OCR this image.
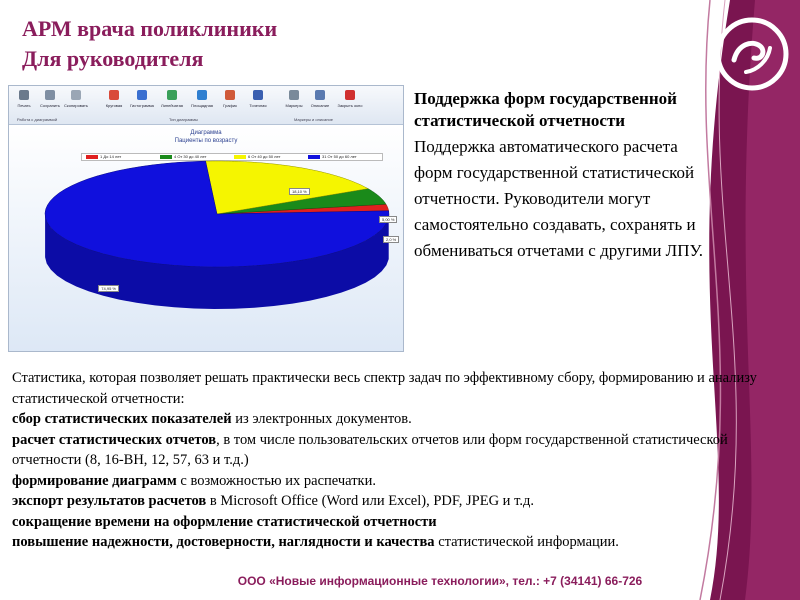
АРМ врача поликлиники
Для руководителя
Печать	Сохранить	Скопировать	Круговая	Гистограмма	Линейчатая	Площадная	График	Точечная	Маркеры	Описание	Закрыть окно
Работа с диаграммой	Тип диаграммы	Маркеры и описание
Диаграмма
Пациенты по возрасту
1 До 14 лет	4 От 30 до 40 лет	6 От 40 до 50 лет	31 От 50 до 60 лет
2,0 %
5,00 %
18,10 %
74,95 %
Поддержка форм государственной статистической отчетности
Поддержка автоматического расчета форм государственной статистической отчетности. Руководители могут самостоятельно создавать, сохранять и обмениваться отчетами с другими ЛПУ.

Статистика, которая позволяет решать практически весь спектр задач по эффективному сбору, формированию и анализу статистической отчетности:

сбор статистических показателей из электронных документов.

расчет статистических отчетов, в том числе пользовательских отчетов или форм государственной статистической отчетности (8, 16-ВН, 12, 57, 63 и т.д.)

формирование диаграмм с возможностью их распечатки.

экспорт результатов расчетов в Microsoft Office (Word или Excel), PDF, JPEG и т.д.

сокращение времени на оформление статистической отчетности

повышение надежности, достоверности, наглядности и качества статистической информации.

ООО «Новые информационные технологии», тел.: +7 (34141) 66-726
